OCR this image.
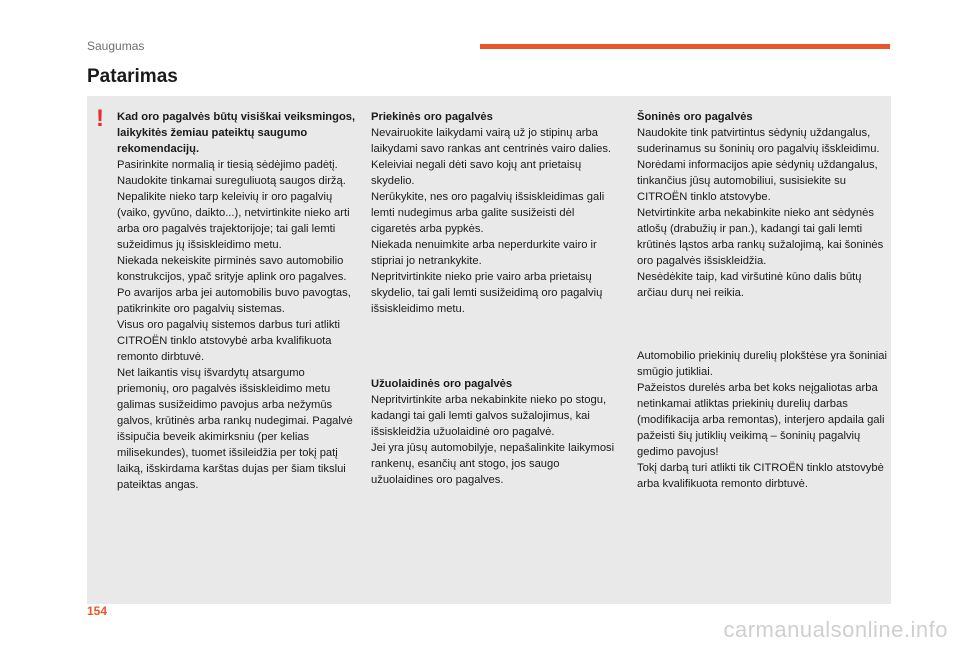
Saugumas
Patarimas
! Kad oro pagalvės būtų visiškai veiksmingos, laikykitės žemiau pateiktų saugumo rekomendacijų.

Pasirinkite normalią ir tiesią sėdėjimo padėtį.

Naudokite tinkamai sureguliuotą saugos diržą.

Nepalikite nieko tarp keleivių ir oro pagalvių (vaiko, gyvūno, daikto...), netvirtinkite nieko arti arba oro pagalvės trajektorijoje; tai gali lemti sužeidimus jų išsiskleidimo metu.

Niekada nekeiskite pirminės savo automobilio konstrukcijos, ypač srityje aplink oro pagalves.

Po avarijos arba jei automobilis buvo pavogtas, patikrinkite oro pagalvių sistemas.

Visus oro pagalvių sistemos darbus turi atlikti CITROËN tinklo atstovybė arba kvalifikuota remonto dirbtuvė.

Net laikantis visų išvardytų atsargumo priemonių, oro pagalvės išsiskleidimo metu galimas susižeidimo pavojus arba nežymūs galvos, krūtinės arba rankų nudegimai. Pagalvė išsipučia beveik akimirksniu (per kelias milisekundes), tuomet išsileidžia per tokį patį laiką, išskirdama karštas dujas per šiam tikslui pateiktas angas.

Priekinės oro pagalvės

Nevairuokite laikydami vairą už jo stipinų arba laikydami savo rankas ant centrinės vairo dalies.

Keleiviai negali dėti savo kojų ant prietaisų skydelio.

Nerūkykite, nes oro pagalvių išsiskleidimas gali lemti nudegimus arba galite susižeisti dėl cigaretės arba pypkės.

Niekada nenuimkite arba neperdurkite vairo ir stipriai jo netrankykite.

Nepritvirtinkite nieko prie vairo arba prietaisų skydelio, tai gali lemti susižeidimą oro pagalvių išsiskleidimo metu.

Užuolaidinės oro pagalvės

Nepritvirtinkite arba nekabinkite nieko po stogu, kadangi tai gali lemti galvos sužalojimus, kai išsiskleidžia užuolaidinė oro pagalvė.

Jei yra jūsų automobilyje, nepašalinkite laikymosi rankenų, esančių ant stogo, jos saugo užuolaidines oro pagalves.

Šoninės oro pagalvės

Naudokite tink patvirtintus sėdynių uždangalus, suderinamus su šoninių oro pagalvių išskleidimu. Norėdami informacijos apie sėdynių uždangalus, tinkančius jūsų automobiliui, susisiekite su CITROËN tinklo atstovybe.

Netvirtinkite arba nekabinkite nieko ant sėdynės atlošų (drabužių ir pan.), kadangi tai gali lemti krūtinės ląstos arba rankų sužalojimą, kai šoninės oro pagalvės išsiskleidžia.

Nesėdėkite taip, kad viršutinė kūno dalis būtų arčiau durų nei reikia.

Automobilio priekinių durelių plokštėse yra šoniniai smūgio jutikliai.

Pažeistos durelės arba bet koks neįgaliotas arba netinkamai atliktas priekinių durelių darbas (modifikacija arba remontas), interjero apdaila gali pažeisti šių jutiklių veikimą – šoninių pagalvių gedimo pavojus!

Tokį darbą turi atlikti tik CITROËN tinklo atstovybė arba kvalifikuota remonto dirbtuvė.

154
carmanualsonline.info
